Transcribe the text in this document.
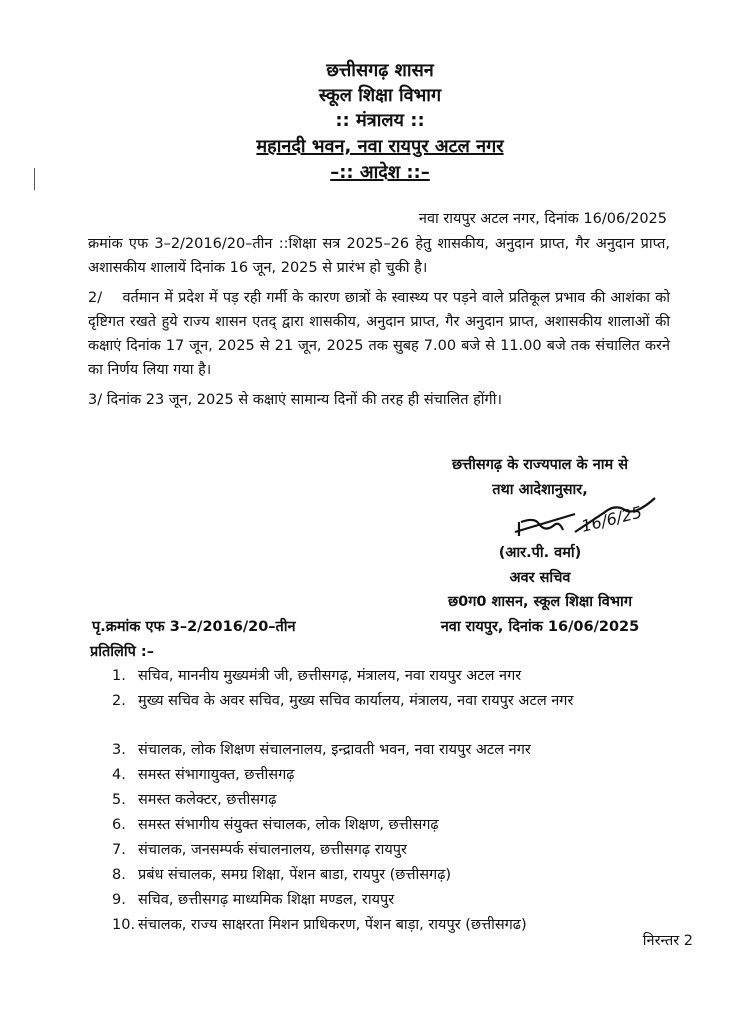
छत्तीसगढ़ शासन
स्कूल शिक्षा विभाग
:: मंत्रालय ::
महानदी भवन, नवा रायपुर अटल नगर
–:: आदेश ::–
नवा रायपुर अटल नगर, दिनांक 16/06/2025
क्रमांक एफ 3–2/2016/20–तीन ::शिक्षा सत्र 2025–26 हेतु शासकीय, अनुदान प्राप्त, गैर अनुदान प्राप्त, अशासकीय शालायें दिनांक 16 जून, 2025 से प्रारंभ हो चुकी है।
2/    वर्तमान में प्रदेश में पड़ रही गर्मी के कारण छात्रों के स्वास्थ्य पर पड़ने वाले प्रतिकूल प्रभाव की आशंका को दृष्टिगत रखते हुये राज्य शासन एतद् द्वारा शासकीय, अनुदान प्राप्त, गैर अनुदान प्राप्त, अशासकीय शालाओं की कक्षाएं दिनांक 17 जून, 2025 से 21 जून, 2025 तक सुबह 7.00 बजे से 11.00 बजे तक संचालित करने का निर्णय लिया गया है।
3/ दिनांक 23 जून, 2025 से कक्षाएं सामान्य दिनों की तरह ही संचालित होंगी।
छत्तीसगढ़ के राज्यपाल के नाम से
तथा आदेशानुसार,
16/6/25
(आर.पी. वर्मा)
अवर सचिव
छ0ग0 शासन, स्कूल शिक्षा विभाग
नवा रायपुर, दिनांक 16/06/2025
पृ.क्रमांक एफ 3–2/2016/20–तीन
प्रतिलिपि :–
1. सचिव, माननीय मुख्यमंत्री जी, छत्तीसगढ़, मंत्रालय, नवा रायपुर अटल नगर
2. मुख्य सचिव के अवर सचिव, मुख्य सचिव कार्यालय, मंत्रालय, नवा रायपुर अटल नगर
3. संचालक, लोक शिक्षण संचालनालय, इन्द्रावती भवन, नवा रायपुर अटल नगर
4. समस्त संभागायुक्त, छत्तीसगढ़
5. समस्त कलेक्टर, छत्तीसगढ़
6. समस्त संभागीय संयुक्त संचालक, लोक शिक्षण, छत्तीसगढ़
7. संचालक, जनसम्पर्क संचालनालय, छत्तीसगढ़ रायपुर
8. प्रबंध संचालक, समग्र शिक्षा, पेंशन बाडा, रायपुर (छत्तीसगढ़)
9. सचिव, छत्तीसगढ़ माध्यमिक शिक्षा मण्डल, रायपुर
10. संचालक, राज्य साक्षरता मिशन प्राधिकरण, पेंशन बाड़ा, रायपुर (छत्तीसगढ)
निरन्तर 2
